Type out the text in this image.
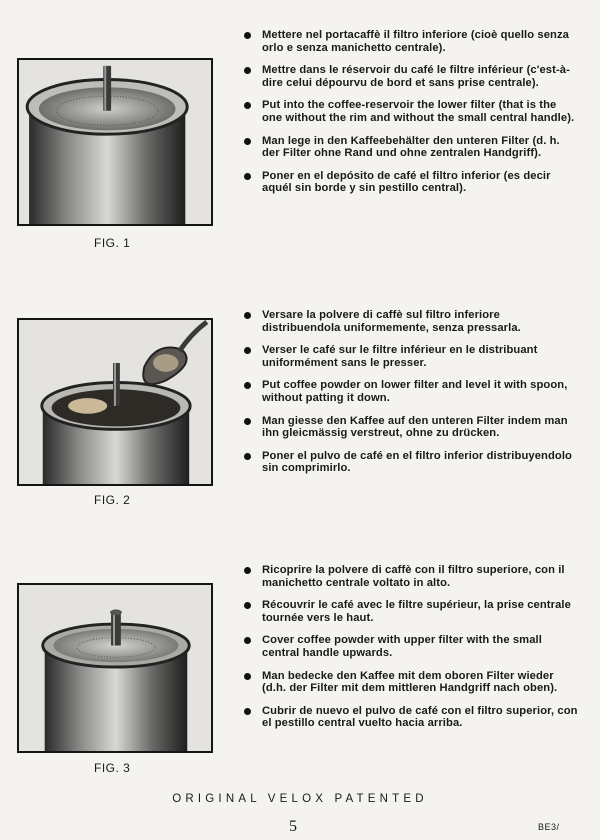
FIG. 1
Mettere nel portacaffè il filtro inferiore (cioè quello senza orlo e senza manichetto centrale).
Mettre dans le réservoir du café le filtre inférieur (c'est-à-dire celui dépourvu de bord et sans prise centrale).
Put into the coffee-reservoir the lower filter (that is the one without the rim and without the small central handle).
Man lege in den Kaffeebehälter den unteren Filter (d. h. der Filter ohne Rand und ohne zentralen Handgriff).
Poner en el depósito de café el filtro inferior (es decir aquél sin borde y sin pestillo central).
FIG. 2
Versare la polvere di caffè sul filtro inferiore distribuendola uniformemente, senza pressarla.
Verser le café sur le filtre inférieur en le distribuant uniformément sans le presser.
Put coffee powder on lower filter and level it with spoon, without patting it down.
Man giesse den Kaffee auf den unteren Filter indem man ihn gleicmässig verstreut, ohne zu drücken.
Poner el pulvo de café en el filtro inferior distribuyendolo sin comprimirlo.
FIG. 3
Ricoprire la polvere di caffè con il filtro superiore, con il manichetto centrale voltato in alto.
Récouvrir le café avec le filtre supérieur, la prise centrale tournée vers le haut.
Cover coffee powder with upper filter with the small central handle upwards.
Man bedecke den Kaffee mit dem oboren Filter wieder (d.h. der Filter mit dem mittleren Handgriff nach oben).
Cubrir de nuevo el pulvo de café con el filtro superior, con el pestillo central vuelto hacia arriba.
ORIGINAL VELOX PATENTED
5	BE3/
